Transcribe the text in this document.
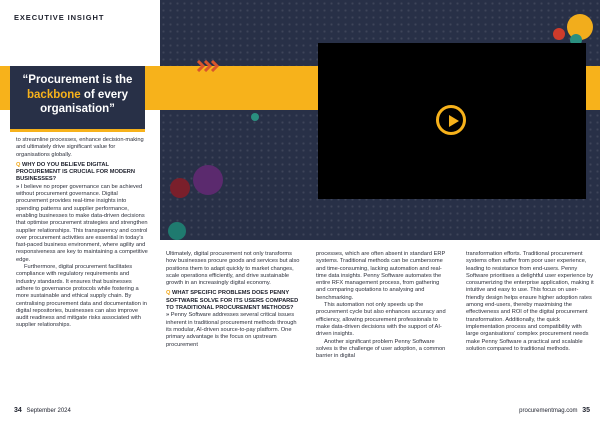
EXECUTIVE INSIGHT
“Procurement is the
backbone of every
organisation”

to streamline processes, enhance decision-making and ultimately drive significant value for organisations globally.

Q WHY DO YOU BELIEVE DIGITAL PROCUREMENT IS CRUCIAL FOR MODERN BUSINESSES?

» I believe no proper governance can be achieved without procurement governance. Digital procurement provides real-time insights into spending patterns and supplier performance, enabling businesses to make data-driven decisions that optimise procurement strategies and strengthen supplier relationships. This transparency and control over procurement activities are essential in today’s fast-paced business environment, where agility and responsiveness are key to maintaining a competitive edge.

Furthermore, digital procurement facilitates compliance with regulatory requirements and industry standards. It ensures that businesses adhere to governance protocols while fostering a more sustainable and ethical supply chain. By centralising procurement data and documentation in digital repositories, businesses can also improve audit readiness and mitigate risks associated with supplier relationships.

Ultimately, digital procurement not only transforms how businesses procure goods and services but also positions them to adapt quickly to market changes, scale operations efficiently, and drive sustainable growth in an increasingly digital economy.

Q WHAT SPECIFIC PROBLEMS DOES PENNY SOFTWARE SOLVE FOR ITS USERS COMPARED TO TRADITIONAL PROCUREMENT METHODS?

» Penny Software addresses several critical issues inherent in traditional procurement methods through its modular, AI-driven source-to-pay platform. One primary advantage is the focus on upstream procurement

processes, which are often absent in standard ERP systems. Traditional methods can be cumbersome and time-consuming, lacking automation and real-time data insights. Penny Software automates the entire RFX management process, from gathering and comparing quotations to analysing and benchmarking.

This automation not only speeds up the procurement cycle but also enhances accuracy and efficiency, allowing procurement professionals to make data-driven decisions with the support of AI-driven insights.

Another significant problem Penny Software solves is the challenge of user adoption, a common barrier in digital

transformation efforts. Traditional procurement systems often suffer from poor user experience, leading to resistance from end-users. Penny Software prioritises a delightful user experience by consumerizing the enterprise application, making it intuitive and easy to use. This focus on user-friendly design helps ensure higher adoption rates among end-users, thereby maximising the effectiveness and ROI of the digital procurement transformation. Additionally, the quick implementation process and compatibility with large organisations’ complex procurement needs make Penny Software a practical and scalable solution compared to traditional methods.

34 September 2024	procurementmag.com 35
